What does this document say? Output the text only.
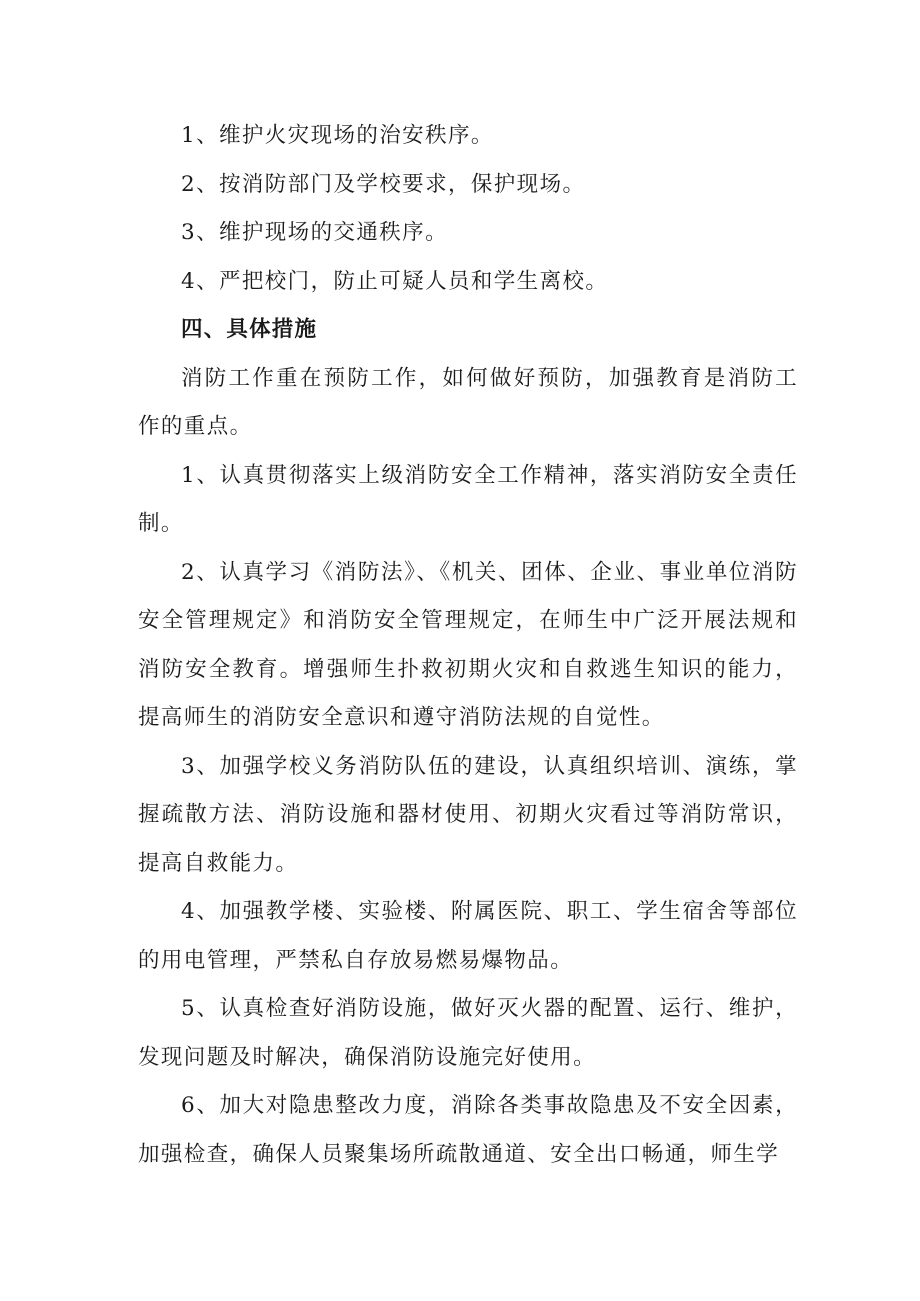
1、维护火灾现场的治安秩序。

2、按消防部门及学校要求，保护现场。

3、维护现场的交通秩序。

4、严把校门，防止可疑人员和学生离校。

四、具体措施

消防工作重在预防工作，如何做好预防，加强教育是消防工作的重点。

1、认真贯彻落实上级消防安全工作精神，落实消防安全责任制。

2、认真学习《消防法》、《机关、团体、企业、事业单位消防安全管理规定》和消防安全管理规定，在师生中广泛开展法规和消防安全教育。增强师生扑救初期火灾和自救逃生知识的能力，提高师生的消防安全意识和遵守消防法规的自觉性。

3、加强学校义务消防队伍的建设，认真组织培训、演练，掌握疏散方法、消防设施和器材使用、初期火灾看过等消防常识，提高自救能力。

4、加强教学楼、实验楼、附属医院、职工、学生宿舍等部位的用电管理，严禁私自存放易燃易爆物品。

5、认真检查好消防设施，做好灭火器的配置、运行、维护，发现问题及时解决，确保消防设施完好使用。

6、加大对隐患整改力度，消除各类事故隐患及不安全因素，加强检查，确保人员聚集场所疏散通道、安全出口畅通，师生学
